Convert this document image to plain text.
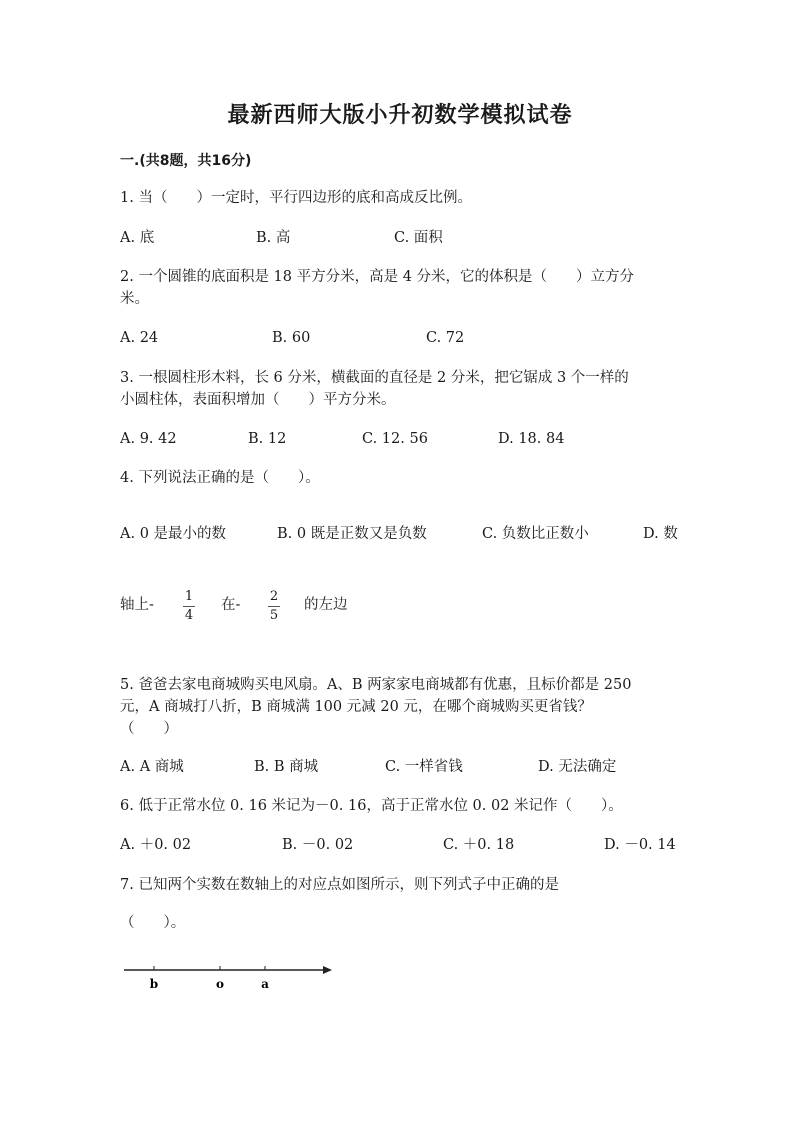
最新西师大版小升初数学模拟试卷
一.(共8题，共16分)
1. 当（　　）一定时，平行四边形的底和高成反比例。
A. 底	B. 高	C. 面积
2. 一个圆锥的底面积是 18 平方分米，高是 4 分米，它的体积是（　　）立方分
米。
A. 24	B. 60	C. 72
3. 一根圆柱形木料，长 6 分米，横截面的直径是 2 分米，把它锯成 3 个一样的
小圆柱体，表面积增加（　　）平方分米。
A. 9. 42	B. 12	C. 12. 56	D. 18. 84
4. 下列说法正确的是（　　）。
A. 0 是最小的数	B. 0 既是正数又是负数	C. 负数比正数小	D. 数
轴上- $\frac{1}{4}$ 在- $\frac{2}{5}$ 的左边
5. 爸爸去家电商城购买电风扇。A、B 两家家电商城都有优惠，且标价都是 250
元，A 商城打八折，B 商城满 100 元减 20 元，在哪个商城购买更省钱？
（　　）
A. A 商城	B. B 商城	C. 一样省钱	D. 无法确定
6. 低于正常水位 0. 16 米记为－0. 16，高于正常水位 0. 02 米记作（　　）。
A. ＋0. 02	B. －0. 02	C. ＋0. 18	D. －0. 14
7. 已知两个实数在数轴上的对应点如图所示，则下列式子中正确的是
（　　）。
b	o	a
